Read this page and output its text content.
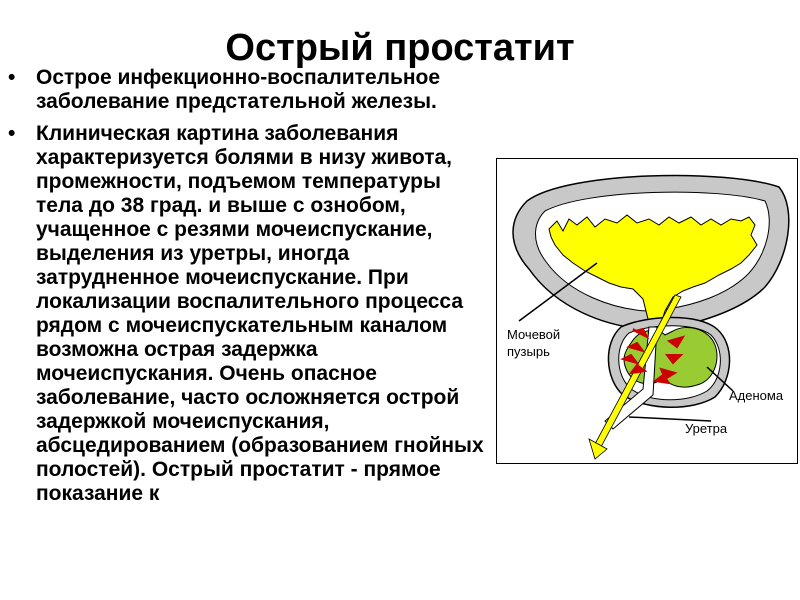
Острый простатит
• Острое инфекционно-воспалительное заболевание предстательной железы.
• Клиническая картина заболевания характеризуется болями в низу живота, промежности, подъемом температуры тела до 38 град. и выше с ознобом, учащенное с резями мочеиспускание, выделения из уретры, иногда затрудненное мочеиспускание. При локализации воспалительного процесса рядом с мочеиспускательным каналом возможна острая задержка мочеиспускания. Очень опасное заболевание, часто осложняется острой задержкой мочеиспускания, абсцедированием (образованием гнойных полостей). Острый простатит - прямое показание к
Мочевой
пузырь
Аденома
Уретра
